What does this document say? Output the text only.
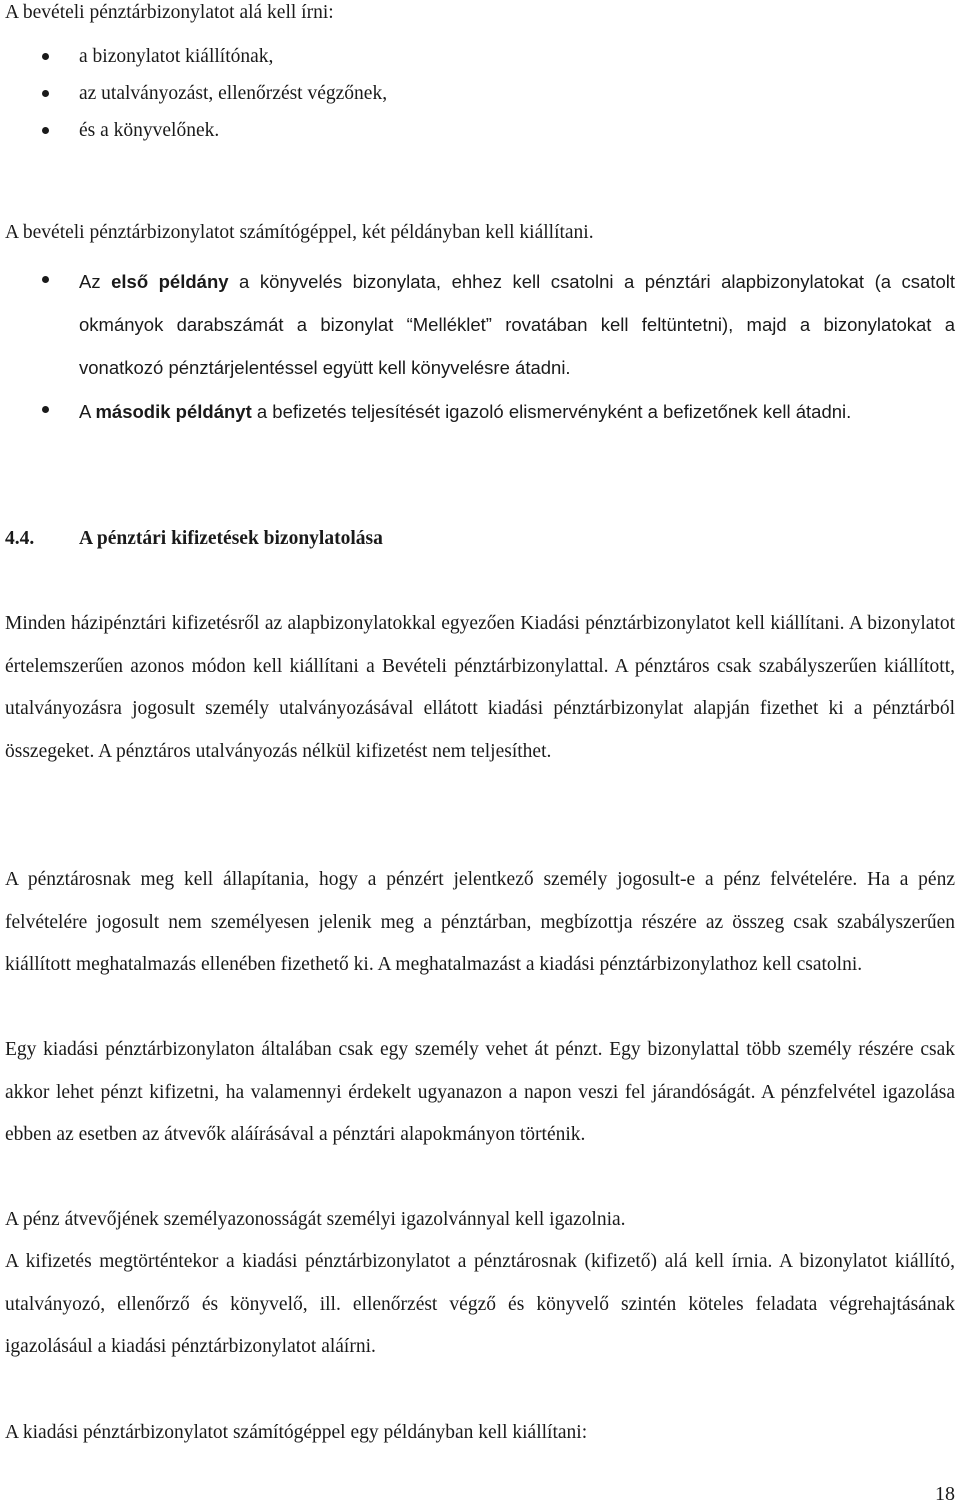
A bevételi pénztárbizonylatot alá kell írni:
a bizonylatot kiállítónak,
az utalványozást, ellenőrzést végzőnek,
és a könyvelőnek.
A bevételi pénztárbizonylatot számítógéppel, két példányban kell kiállítani.
Az első példány a könyvelés bizonylata, ehhez kell csatolni a pénztári alapbizonylatokat (a csatolt okmányok darabszámát a bizonylat “Melléklet” rovatában kell feltüntetni), majd a bizonylatokat a vonatkozó pénztárjelentéssel együtt kell könyvelésre átadni.
A második példányt a befizetés teljesítését igazoló elismervényként a befizetőnek kell átadni.
4.4. A pénztári kifizetések bizonylatolása
Minden házipénztári kifizetésről az alapbizonylatokkal egyezően Kiadási pénztárbizonylatot kell kiállítani. A bizonylatot értelemszerűen azonos módon kell kiállítani a Bevételi pénztárbizonylattal. A pénztáros csak szabályszerűen kiállított, utalványozásra jogosult személy utalványozásával ellátott kiadási pénztárbizonylat alapján fizethet ki a pénztárból összegeket. A pénztáros utalványozás nélkül kifizetést nem teljesíthet.
A pénztárosnak meg kell állapítania, hogy a pénzért jelentkező személy jogosult-e a pénz felvételére. Ha a pénz felvételére jogosult nem személyesen jelenik meg a pénztárban, megbízottja részére az összeg csak szabályszerűen kiállított meghatalmazás ellenében fizethető ki. A meghatalmazást a kiadási pénztárbizonylathoz kell csatolni.
Egy kiadási pénztárbizonylaton általában csak egy személy vehet át pénzt. Egy bizonylattal több személy részére csak akkor lehet pénzt kifizetni, ha valamennyi érdekelt ugyanazon a napon veszi fel járandóságát. A pénzfelvétel igazolása ebben az esetben az átvevők aláírásával a pénztári alapokmányon történik.
A pénz átvevőjének személyazonosságát személyi igazolvánnyal kell igazolnia.
A kifizetés megtörténtekor a kiadási pénztárbizonylatot a pénztárosnak (kifizető) alá kell írnia. A bizonylatot kiállító, utalványozó, ellenőrző és könyvelő, ill. ellenőrzést végző és könyvelő szintén köteles feladata végrehajtásának igazolásául a kiadási pénztárbizonylatot aláírni.
A kiadási pénztárbizonylatot számítógéppel egy példányban kell kiállítani:
18
